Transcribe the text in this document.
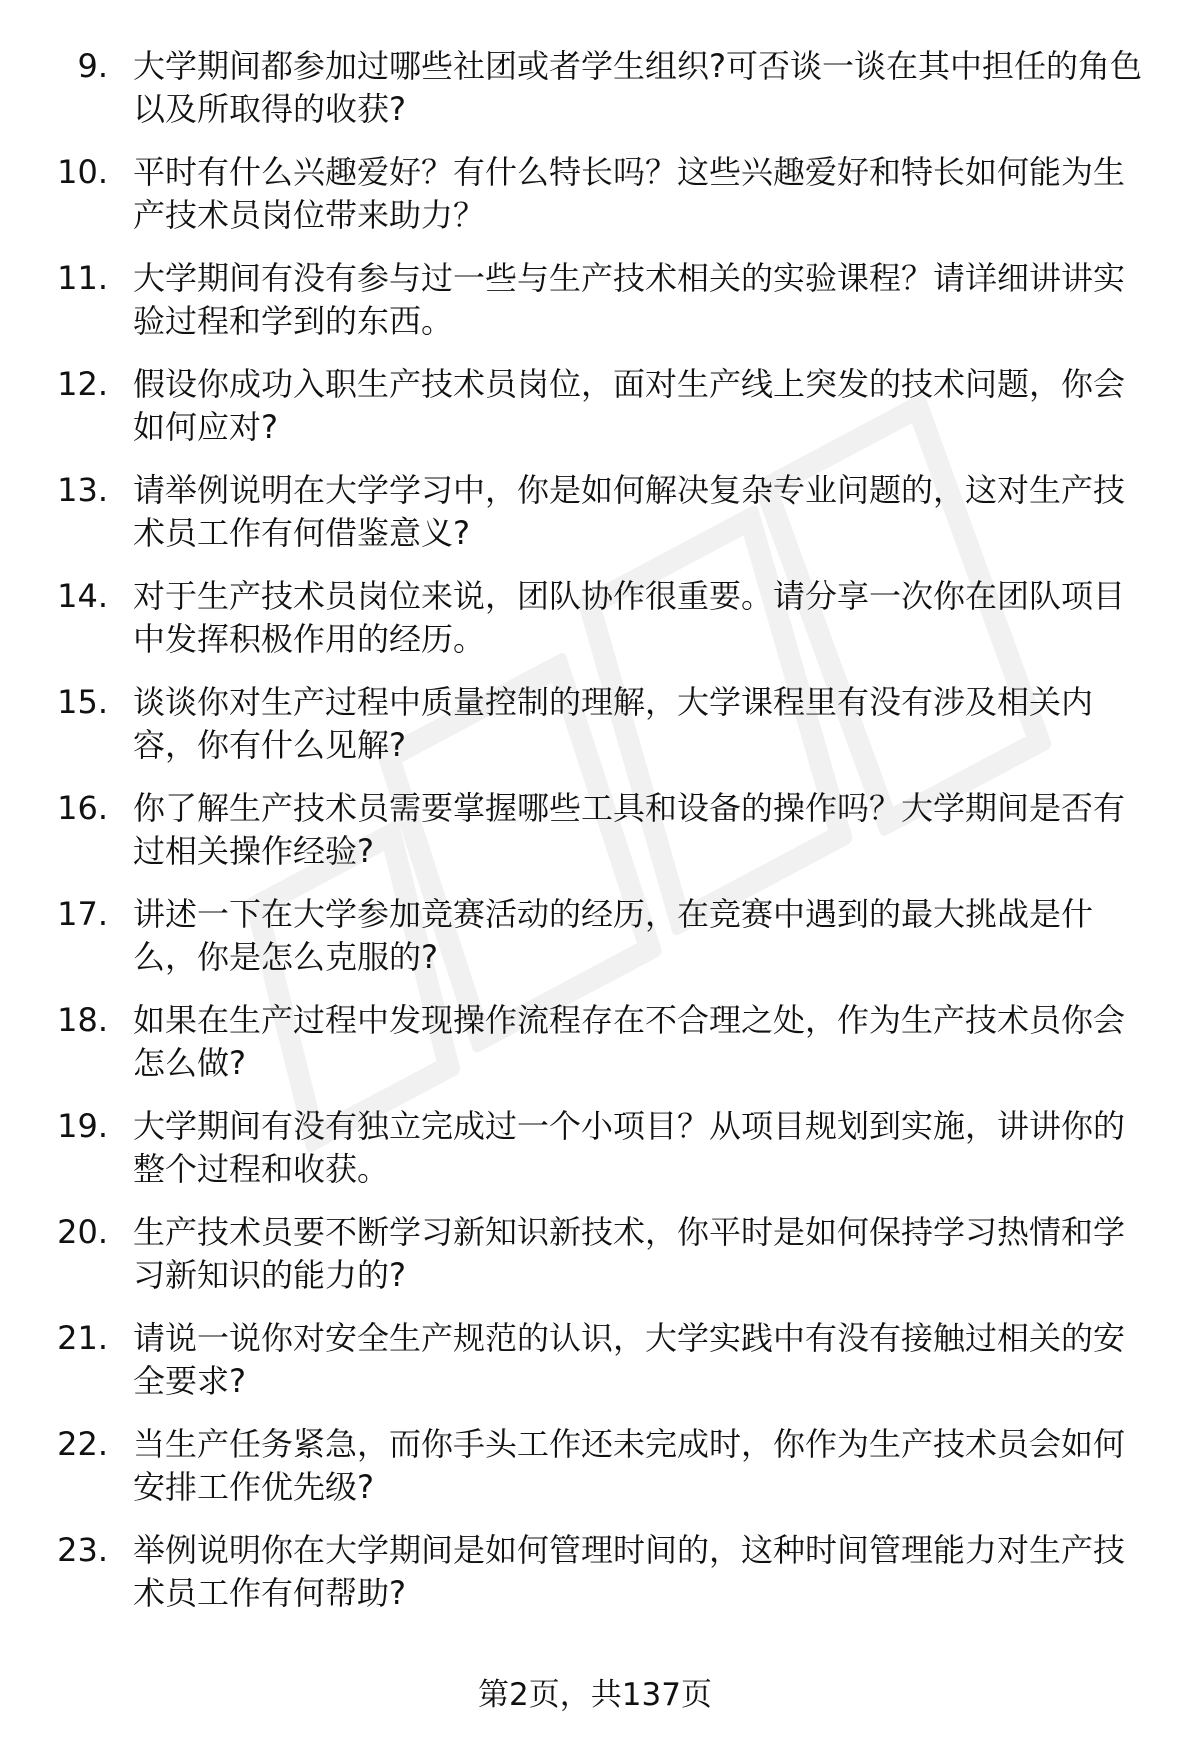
9. 大学期间都参加过哪些社团或者学生组织?可否谈一谈在其中担任的角色以及所取得的收获?
10. 平时有什么兴趣爱好？有什么特长吗？这些兴趣爱好和特长如何能为生产技术员岗位带来助力？
11. 大学期间有没有参与过一些与生产技术相关的实验课程？请详细讲讲实验过程和学到的东西。
12. 假设你成功入职生产技术员岗位，面对生产线上突发的技术问题，你会如何应对?
13. 请举例说明在大学学习中，你是如何解决复杂专业问题的，这对生产技术员工作有何借鉴意义?
14. 对于生产技术员岗位来说，团队协作很重要。请分享一次你在团队项目中发挥积极作用的经历。
15. 谈谈你对生产过程中质量控制的理解，大学课程里有没有涉及相关内容，你有什么见解?
16. 你了解生产技术员需要掌握哪些工具和设备的操作吗？大学期间是否有过相关操作经验?
17. 讲述一下在大学参加竞赛活动的经历，在竞赛中遇到的最大挑战是什么，你是怎么克服的?
18. 如果在生产过程中发现操作流程存在不合理之处，作为生产技术员你会怎么做?
19. 大学期间有没有独立完成过一个小项目？从项目规划到实施，讲讲你的整个过程和收获。
20. 生产技术员要不断学习新知识新技术，你平时是如何保持学习热情和学习新知识的能力的?
21. 请说一说你对安全生产规范的认识，大学实践中有没有接触过相关的安全要求?
22. 当生产任务紧急，而你手头工作还未完成时，你作为生产技术员会如何安排工作优先级?
23. 举例说明你在大学期间是如何管理时间的，这种时间管理能力对生产技术员工作有何帮助?
第2页，共137页
